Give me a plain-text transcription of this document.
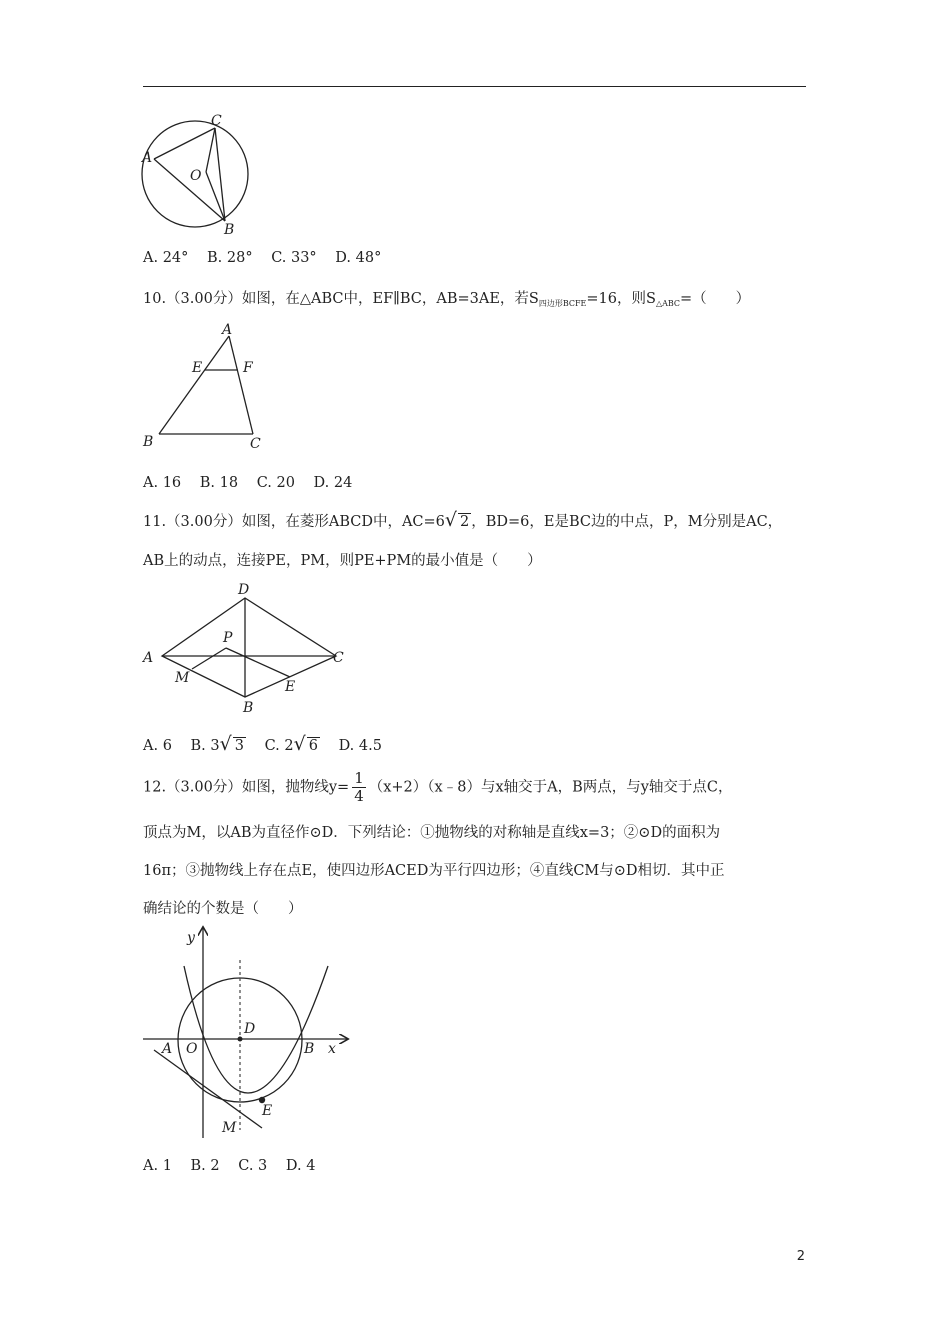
C
A
O
B
A. 24° B. 28° C. 33° D. 48°
10.（3.00分）如图，在△ABC中，EF∥BC，AB=3AE，若$S_{四边形BCFE}=16$，则$S_{\triangle ABC}=$（　　）
A
E	F
B	C
A. 16 B. 18 C. 20 D. 24
11.（3.00分）如图，在菱形ABCD中，AC=6√ 2 ，BD=6，E是BC边的中点，P，M分别是AC，
AB上的动点，连接PE，PM，则PE+PM的最小值是（　　）
D
P
A	C
M
E
B
A. 6 B. 3√ 3 C. 2√ 6 D. 4.5
12.（3.00分）如图，抛物线$y= \frac{1}{4}$ （x+2）（x﹣8）与x轴交于A，B两点，与y轴交于点C，
顶点为M，以AB为直径作⊙D．下列结论：①抛物线的对称轴是直线x=3；②⊙D的面积为
16π；③抛物线上存在点E，使四边形ACED为平行四边形；④直线CM与⊙D相切．其中正
确结论的个数是（　　）
y
D
A O	B x
E
M
A. 1 B. 2 C. 3 D. 4
2
